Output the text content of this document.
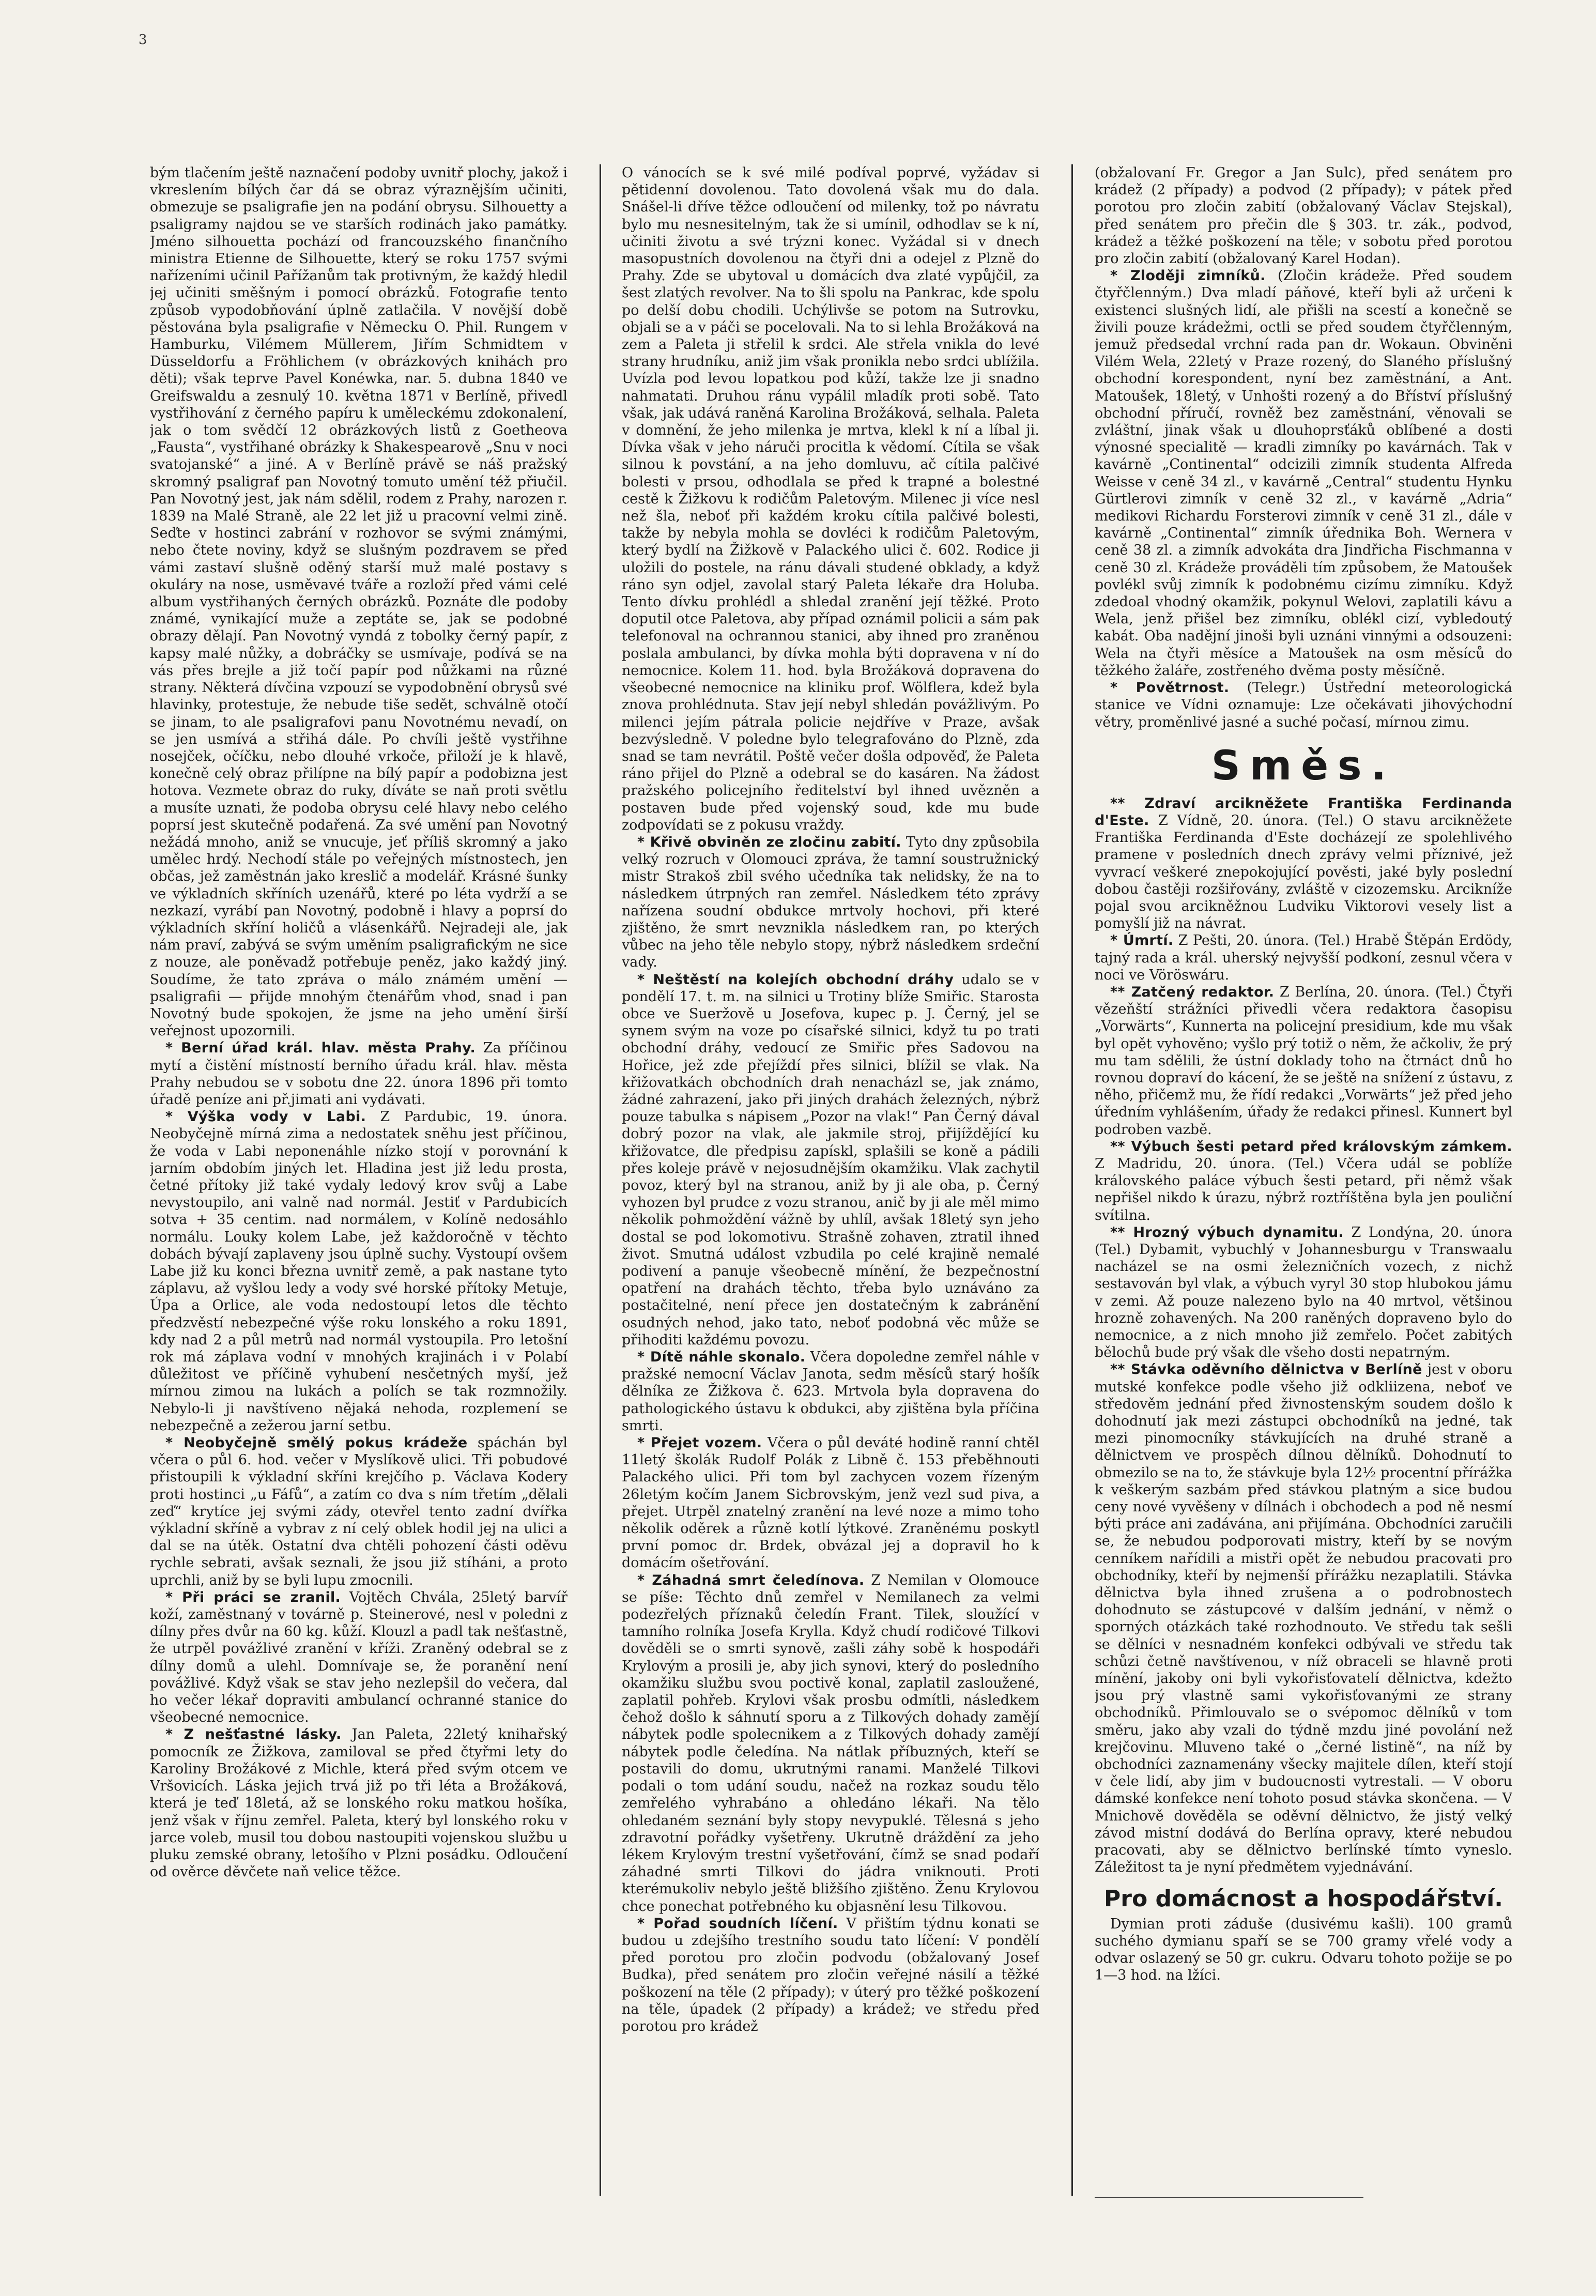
3

bým tlačením ještě naznačení podoby uvnitř plochy, jakož i vkreslením bílých čar dá se obraz výraznějším učiniti, obmezuje se psaligrafie jen na podání obrysu. Silhouetty a psaligramy najdou se ve starších rodinách jako památky. Jméno silhouetta pochází od francouzského finančního ministra Etienne de Silhouette, který se roku 1757 svými nařízeními učinil Pařížanům tak protivným, že každý hledil jej učiniti směšným i pomocí obrázků. Fotografie tento způsob vypodobňování úplně zatlačila. V novější době pěstována byla psaligrafie v Německu O. Phil. Rungem v Hamburku, Vilémem Müllerem, Jiřím Schmidtem v Düsseldorfu a Fröhlichem (v obrázkových knihách pro děti); však teprve Pavel Konéwka, nar. 5. dubna 1840 ve Greifswaldu a zesnulý 10. května 1871 v Berlíně, přivedl vystřihování z černého papíru k uměleckému zdokonalení, jak o tom svědčí 12 obrázkových listů z Goetheova „Fausta“, vystřihané obrázky k Shakespearově „Snu v noci svatojanské“ a jiné. A v Berlíně právě se náš pražský skromný psaligraf pan Novotný tomuto umění též přiučil. Pan Novotný jest, jak nám sdělil, rodem z Prahy, narozen r. 1839 na Malé Straně, ale 22 let již u pracovní velmi zině. Seďte v hostinci zabrání v rozhovor se svými známými, nebo čtete noviny, když se slušným pozdravem se před vámi zastaví slušně oděný starší muž malé postavy s okuláry na nose, usměvavé tváře a rozloží před vámi celé album vystřihaných černých obrázků. Poznáte dle podoby známé, vynikající muže a zeptáte se, jak se podobné obrazy dělají. Pan Novotný vyndá z tobolky černý papír, z kapsy malé nůžky, a dobráčky se usmívaje, podívá se na vás přes brejle a již točí papír pod nůžkami na různé strany. Některá dívčina vzpouzí se vypodobnění obrysů své hlavinky, protestuje, že nebude tiše sedět, schválně otočí se jinam, to ale psaligrafovi panu Novotnému nevadí, on se jen usmívá a střihá dále. Po chvíli ještě vystřihne nosejček, očíčku, nebo dlouhé vrkoče, přiloží je k hlavě, konečně celý obraz přilípne na bílý papír a podobizna jest hotova. Vezmete obraz do ruky, díváte se naň proti světlu a musíte uznati, že podoba obrysu celé hlavy nebo celého poprsí jest skutečně podařená. Za své umění pan Novotný nežádá mnoho, aniž se vnucuje, jeť příliš skromný a jako umělec hrdý. Nechodí stále po veřejných místnostech, jen občas, jež zaměstnán jako kreslič a modelář. Krásné šunky ve výkladních skříních uzenářů, které po léta vydrží a se nezkazí, vyrábí pan Novotný, podobně i hlavy a poprsí do výkladních skříní holičů a vlásenkářů. Nejradeji ale, jak nám praví, zabývá se svým uměním psaligrafickým ne sice z nouze, ale poněvadž potřebuje peněz, jako každý jiný. Soudíme, že tato zpráva o málo známém umění — psaligrafii — přijde mnohým čtenářům vhod, snad i pan Novotný bude spokojen, že jsme na jeho umění širší veřejnost upozornili.

* Berní úřad král. hlav. města Prahy. Za příčinou mytí a čistění místností berního úřadu král. hlav. města Prahy nebudou se v sobotu dne 22. února 1896 při tomto úřadě peníze ani př.jimati ani vydávati.

* Výška vody v Labi. Z Pardubic, 19. února. Neobyčejně mírná zima a nedostatek sněhu jest příčinou, že voda v Labi neponenáhle nízko stojí v porovnání k jarním obdobím jiných let. Hladina jest již ledu prosta, četné přítoky již také vydaly ledový krov svůj a Labe nevystoupilo, ani valně nad normál. Jestiť v Pardubicích sotva + 35 centim. nad normálem, v Kolíně nedosáhlo normálu. Louky kolem Labe, jež každoročně v těchto dobách bývají zaplaveny jsou úplně suchy. Vystoupí ovšem Labe již ku konci března uvnitř země, a pak nastane tyto záplavu, až vyšlou ledy a vody své horské přítoky Metuje, Úpa a Orlice, ale voda nedostoupí letos dle těchto předzvěstí nebezpečné výše roku lonského a roku 1891, kdy nad 2 a půl metrů nad normál vystoupila. Pro letošní rok má záplava vodní v mnohých krajinách i v Polabí důležitost ve příčině vyhubení nesčetných myší, jež mírnou zimou na lukách a polích se tak rozmnožily. Nebylo-li ji navštíveno nějaká nehoda, rozplemení se nebezpečně a zežerou jarní setbu.

* Neobyčejně smělý pokus krádeže spáchán byl včera o půl 6. hod. večer v Myslíkově ulici. Tři pobudové přistoupili k výkladní skříni krejčího p. Václava Kodery proti hostinci „u Fáfů“, a zatím co dva s ním třetím „dělali zeď“ krytíce jej svými zády, otevřel tento zadní dvířka výkladní skříně a vybrav z ní celý oblek hodil jej na ulici a dal se na útěk. Ostatní dva chtěli pohození části oděvu rychle sebrati, avšak seznali, že jsou již stíháni, a proto uprchli, aniž by se byli lupu zmocnili.

* Při práci se zranil. Vojtěch Chvála, 25letý barvíř koží, zaměstnaný v továrně p. Steinerové, nesl v poledni z dílny přes dvůr na 60 kg. kůží. Klouzl a padl tak nešťastně, že utrpěl povážlivé zranění v kříži. Zraněný odebral se z dílny domů a ulehl. Domnívaje se, že poranění není povážlivé. Když však se stav jeho nezlepšil do večera, dal ho večer lékař dopraviti ambulancí ochranné stanice do všeobecné nemocnice.

* Z nešťastné lásky. Jan Paleta, 22letý knihařský pomocník ze Žižkova, zamiloval se před čtyřmi lety do Karoliny Brožákové z Michle, která před svým otcem ve Vršovicích. Láska jejich trvá již po tři léta a Brožáková, která je teď 18letá, až se lonského roku matkou hošíka, jenž však v říjnu zemřel. Paleta, který byl lonského roku v jarce voleb, musil tou dobou nastoupiti vojenskou službu u pluku zemské obrany, letošího v Plzni posádku. Odloučení od ověrce děvčete naň velice těžce.

O vánocích se k své milé podíval poprvé, vyžádav si pětidenní dovolenou. Tato dovolená však mu do dala. Snášel-li dříve těžce odloučení od milenky, tož po návratu bylo mu nesnesitelným, tak že si umínil, odhodlav se k ní, učiniti životu a své trýzni konec. Vyžádal si v dnech masopustních dovolenou na čtyři dni a odejel z Plzně do Prahy. Zde se ubytoval u domácích dva zlaté vypůjčil, za šest zlatých revolver. Na to šli spolu na Pankrac, kde spolu po delší dobu chodili. Uchýlivše se potom na Sutrovku, objali se a v páči se pocelovali. Na to si lehla Brožáková na zem a Paleta ji střelil k srdci. Ale střela vnikla do levé strany hrudníku, aniž jim však pronikla nebo srdci ublížila. Uvízla pod levou lopatkou pod kůží, takže lze ji snadno nahmatati. Druhou ránu vypálil mladík proti sobě. Tato však, jak udává raněná Karolina Brožáková, selhala. Paleta v domnění, že jeho milenka je mrtva, klekl k ní a líbal ji. Dívka však v jeho náruči procitla k vědomí. Cítila se však silnou k povstání, a na jeho domluvu, ač cítila palčivé bolesti v prsou, odhodlala se před k trapné a bolestné cestě k Žižkovu k rodičům Paletovým. Milenec ji více nesl než šla, neboť při každém kroku cítila palčivé bolesti, takže by nebyla mohla se dovléci k rodičům Paletovým, který bydlí na Žižkově v Palackého ulici č. 602. Rodice ji uložili do postele, na ránu dávali studené obklady, a když ráno syn odjel, zavolal starý Paleta lékaře dra Holuba. Tento dívku prohlédl a shledal zranění její těžké. Proto doputil otce Paletova, aby případ oznámil policii a sám pak telefonoval na ochrannou stanici, aby ihned pro zraněnou poslala ambulanci, by dívka mohla býti dopravena v ní do nemocnice. Kolem 11. hod. byla Brožáková dopravena do všeobecné nemocnice na kliniku prof. Wölflera, kdež byla znova prohlédnuta. Stav její nebyl shledán povážlivým. Po milenci jejím pátrala policie nejdříve v Praze, avšak bezvýsledně. V poledne bylo telegrafováno do Plzně, zda snad se tam nevrátil. Poště večer došla odpověď, že Paleta ráno přijel do Plzně a odebral se do kasáren. Na žádost pražského policejního ředitelství byl ihned uvězněn a postaven bude před vojenský soud, kde mu bude zodpovídati se z pokusu vraždy.

* Křivě obviněn ze zločinu zabití. Tyto dny způsobila velký rozruch v Olomouci zpráva, že tamní soustružnický mistr Strakoš zbil svého učedníka tak nelidsky, že na to následkem útrpných ran zemřel. Následkem této zprávy nařízena soudní obdukce mrtvoly hochovi, při které zjištěno, že smrt nevznikla následkem ran, po kterých vůbec na jeho těle nebylo stopy, nýbrž následkem srdeční vady.

* Neštěstí na kolejích obchodní dráhy udalo se v pondělí 17. t. m. na silnici u Trotiny blíže Smiřic. Starosta obce ve Sueržově u Josefova, kupec p. J. Černý, jel se synem svým na voze po císařské silnici, když tu po trati obchodní dráhy, vedoucí ze Smiřic přes Sadovou na Hořice, jež zde přejíždí přes silnici, blížil se vlak. Na křižovatkách obchodních drah nenacházl se, jak známo, žádné zahrazení, jako při jiných drahách železných, nýbrž pouze tabulka s nápisem „Pozor na vlak!“ Pan Černý dával dobrý pozor na vlak, ale jakmile stroj, přijíždějící ku křižovatce, dle předpisu zapískl, splašili se koně a pádili přes koleje právě v nejosudnějším okamžiku. Vlak zachytil povoz, který byl na stranou, aniž by ji ale oba, p. Černý vyhozen byl prudce z vozu stranou, anič by ji ale měl mimo několik pohmoždění vážně by uhlíl, avšak 18letý syn jeho dostal se pod lokomotivu. Strašně zohaven, ztratil ihned život. Smutná událost vzbudila po celé krajině nemalé podivení a panuje všeobecně mínění, že bezpečnostní opatření na drahách těchto, třeba bylo uznáváno za postačitelné, není přece jen dostatečným k zabránění osudných nehod, jako tato, neboť podobná věc může se přihoditi každému povozu.

* Dítě náhle skonalo. Včera dopoledne zemřel náhle v pražské nemocní Václav Janota, sedm měsíců starý hošík dělníka ze Žižkova č. 623. Mrtvola byla dopravena do pathologického ústavu k obdukci, aby zjištěna byla příčina smrti.

* Přejet vozem. Včera o půl deváté hodině ranní chtěl 11letý školák Rudolf Polák z Libně č. 153 přeběhnouti Palackého ulici. Při tom byl zachycen vozem řízeným 26letým kočím Janem Sicbrovským, jenž vezl sud piva, a přejet. Utrpěl znatelný zranění na levé noze a mimo toho několik oděrek a různě kotlí lýtkové. Zraněnému poskytl první pomoc dr. Brdek, obvázal jej a dopravil ho k domácím ošetřování.

* Záhadná smrt čeledínova. Z Nemilan v Olomouce se píše: Těchto dnů zemřel v Nemilanech za velmi podezřelých příznaků čeledín Frant. Tilek, sloužící v tamního rolníka Josefa Krylla. Když chudí rodičové Tilkovi dověděli se o smrti synově, zašli záhy sobě k hospodáři Krylovým a prosili je, aby jich synovi, který do posledního okamžiku službu svou poctivě konal, zaplatil zasloužené, zaplatil pohřeb. Krylovi však prosbu odmítli, následkem čehož došlo k sáhnutí sporu a z Tilkových dohady zamějí nábytek podle spolecnikem a z Tilkových dohady zamějí nábytek podle čeledína. Na nátlak příbuzných, kteří se postavili do domu, ukrutnými ranami. Manželé Tilkovi podali o tom udání soudu, načež na rozkaz soudu tělo zemřelého vyhrabáno a ohledáno lékaři. Na tělo ohledaném seznání byly stopy nevypuklé. Tělesná s jeho zdravotní pořádky vyšetřeny. Ukrutně dráždění za jeho lékem Krylovým trestní vyšetřování, čímž se snad podaří záhadné smrti Tilkovi do jádra vniknouti. Proti kterémukoliv nebylo ještě bližšího zjištěno. Ženu Krylovou chce ponechat potřebného ku objasnění lesu Tilkovou.

* Pořad soudních líčení. V přištím týdnu konati se budou u zdejšího trestního soudu tato líčení: V pondělí před porotou pro zločin podvodu (obžalovaný Josef Budka), před senátem pro zločin veřejné násilí a těžké poškození na těle (2 případy); v úterý pro těžké poškození na těle, úpadek (2 případy) a krádež; ve středu před porotou pro krádež

(obžalovaní Fr. Gregor a Jan Sulc), před senátem pro krádež (2 případy) a podvod (2 případy); v pátek před porotou pro zločin zabití (obžalovaný Václav Stejskal), před senátem pro přečin dle § 303. tr. zák., podvod, krádež a těžké poškození na těle; v sobotu před porotou pro zločin zabití (obžalovaný Karel Hodan).

* Zloději zimníků. (Zločin krádeže. Před soudem čtyřčlenným.) Dva mladí páňové, kteří byli až určeni k existenci slušných lidí, ale přišli na scestí a konečně se živili pouze krádežmi, octli se před soudem čtyřčlenným, jemuž předsedal vrchní rada pan dr. Wokaun. Obviněni Vilém Wela, 22letý v Praze rozený, do Slaného příslušný obchodní korespondent, nyní bez zaměstnání, a Ant. Matoušek, 18letý, v Unhošti rozený a do Bříství příslušný obchodní příručí, rovněž bez zaměstnání, věnovali se zvláštní, jinak však u dlouhoprsťáků oblíbené a dosti výnosné specialitě — kradli zimníky po kavárnách. Tak v kavárně „Continental“ odcizili zimník studenta Alfreda Weisse v ceně 34 zl., v kavárně „Central“ studentu Hynku Gürtlerovi zimník v ceně 32 zl., v kavárně „Adria“ medikovi Richardu Forsterovi zimník v ceně 31 zl., dále v kavárně „Continental“ zimník úřednika Boh. Wernera v ceně 38 zl. a zimník advokáta dra Jindřicha Fischmanna v ceně 30 zl. Krádeže prováděli tím způsobem, že Matoušek povlékl svůj zimník k podobnému cizímu zimníku. Když zdedoal vhodný okamžik, pokynul Welovi, zaplatili kávu a Wela, jenž přišel bez zimníku, oblékl cizí, vybledoutý kabát. Oba nadějní jinoši byli uznáni vinnými a odsouzeni: Wela na čtyři měsíce a Matoušek na osm měsíců do těžkého žaláře, zostřeného dvěma posty měsíčně.

* Povětrnost. (Telegr.) Ústřední meteorologická stanice ve Vídni oznamuje: Lze očekávati jihovýchodní větry, proměnlivé jasné a suché počasí, mírnou zimu.

Směs.

** Zdraví arcikněžete Františka Ferdinanda d'Este. Z Vídně, 20. února. (Tel.) O stavu arcikněžete Františka Ferdinanda d'Este docházejí ze spolehlivého pramene v posledních dnech zprávy velmi příznivé, jež vyvrací veškeré znepokojující pověsti, jaké byly poslední dobou častěji rozšiřovány, zvláště v cizozemsku. Arcikníže pojal svou arcikněžnou Ludviku Viktorovi vesely list a pomyšlí již na návrat.

* Úmrtí. Z Pešti, 20. února. (Tel.) Hrabě Štěpán Erdödy, tajný rada a král. uherský nejvyšší podkoní, zesnul včera v noci ve Vöröswáru.

** Zatčený redaktor. Z Berlína, 20. února. (Tel.) Čtyři vězeňští strážníci přivedli včera redaktora časopisu „Vorwärts“, Kunnerta na policejní presidium, kde mu však byl opět vyhověno; vyšlo prý totiž o něm, že ačkoliv, že prý mu tam sdělili, že ústní doklady toho na čtrnáct dnů ho rovnou dopraví do kácení, že se ještě na snížení z ústavu, z něho, přičemž mu, že řídí redakci „Vorwärts“ jež před jeho úředním vyhlášením, úřady že redakci přinesl. Kunnert byl podroben vazbě.

** Výbuch šesti petard před královským zámkem. Z Madridu, 20. února. (Tel.) Včera udál se poblíže královského paláce výbuch šesti petard, při němž však nepřišel nikdo k úrazu, nýbrž roztříštěna byla jen pouliční svítilna.

** Hrozný výbuch dynamitu. Z Londýna, 20. února (Tel.) Dybamit, vybuchlý v Johannesburgu v Transwaalu nacházel se na osmi železničních vozech, z nichž sestavován byl vlak, a výbuch vyryl 30 stop hlubokou jámu v zemi. Až pouze nalezeno bylo na 40 mrtvol, většinou hrozně zohavených. Na 200 raněných dopraveno bylo do nemocnice, a z nich mnoho již zemřelo. Počet zabitých bělochů bude prý však dle všeho dosti nepatrným.

** Stávka oděvního dělnictva v Berlíně jest v oboru mutské konfekce podle všeho již odkliizena, neboť ve středověm jednání před živnostenským soudem došlo k dohodnutí jak mezi zástupci obchodníků na jedné, tak mezi pinomocníky stávkujících na druhé straně a dělnictvem ve prospěch dílnou dělníků. Dohodnutí to obmezilo se na to, že stávkuje byla 12½ procentní přírážka k veškerým sazbám před stávkou platným a sice budou ceny nové vyvěšeny v dílnách i obchodech a pod ně nesmí býti práce ani zadávána, ani přijímána. Obchodníci zaručili se, že nebudou podporovati mistry, kteří by se novým cenníkem nařídili a mistři opět že nebudou pracovati pro obchodníky, kteří by nejmenší přírážku nezaplatili. Stávka dělnictva byla ihned zrušena a o podrobnostech dohodnuto se zástupcové v dalším jednání, v němž o sporných otázkách také rozhodnouto. Ve středu tak sešli se dělníci v nesnadném konfekci odbývali ve středu tak schůzi četně navštívenou, v níž obraceli se hlavně proti mínění, jakoby oni byli vykořisťovatelí dělnictva, kdežto jsou prý vlastně sami vykořisťovanými ze strany obchodníků. Přimlouvalo se o svépomoc dělníků v tom směru, jako aby vzali do týdně mzdu jiné povolání než krejčovinu. Mluveno také o „černé listině“, na níž by obchodníci zaznamenány všecky majitele dílen, kteří stojí v čele lidí, aby jim v budoucnosti vytrestali. — V oboru dámské konfekce není tohoto posud stávka skončena. — V Mnichově dověděla se oděvní dělnictvo, že jistý velký závod mistní dodává do Berlína opravy, které nebudou pracovati, aby se dělnictvo berlínské tímto vyneslo. Záležitost ta je nyní předmětem vyjednávání.

Pro domácnost a hospodářství.

Dymian proti záduše (dusivému kašli). 100 gramů suchého dymianu spaří se se 700 gramy vřelé vody a odvar oslazený se 50 gr. cukru. Odvaru tohoto požije se po 1—3 hod. na lžíci.
